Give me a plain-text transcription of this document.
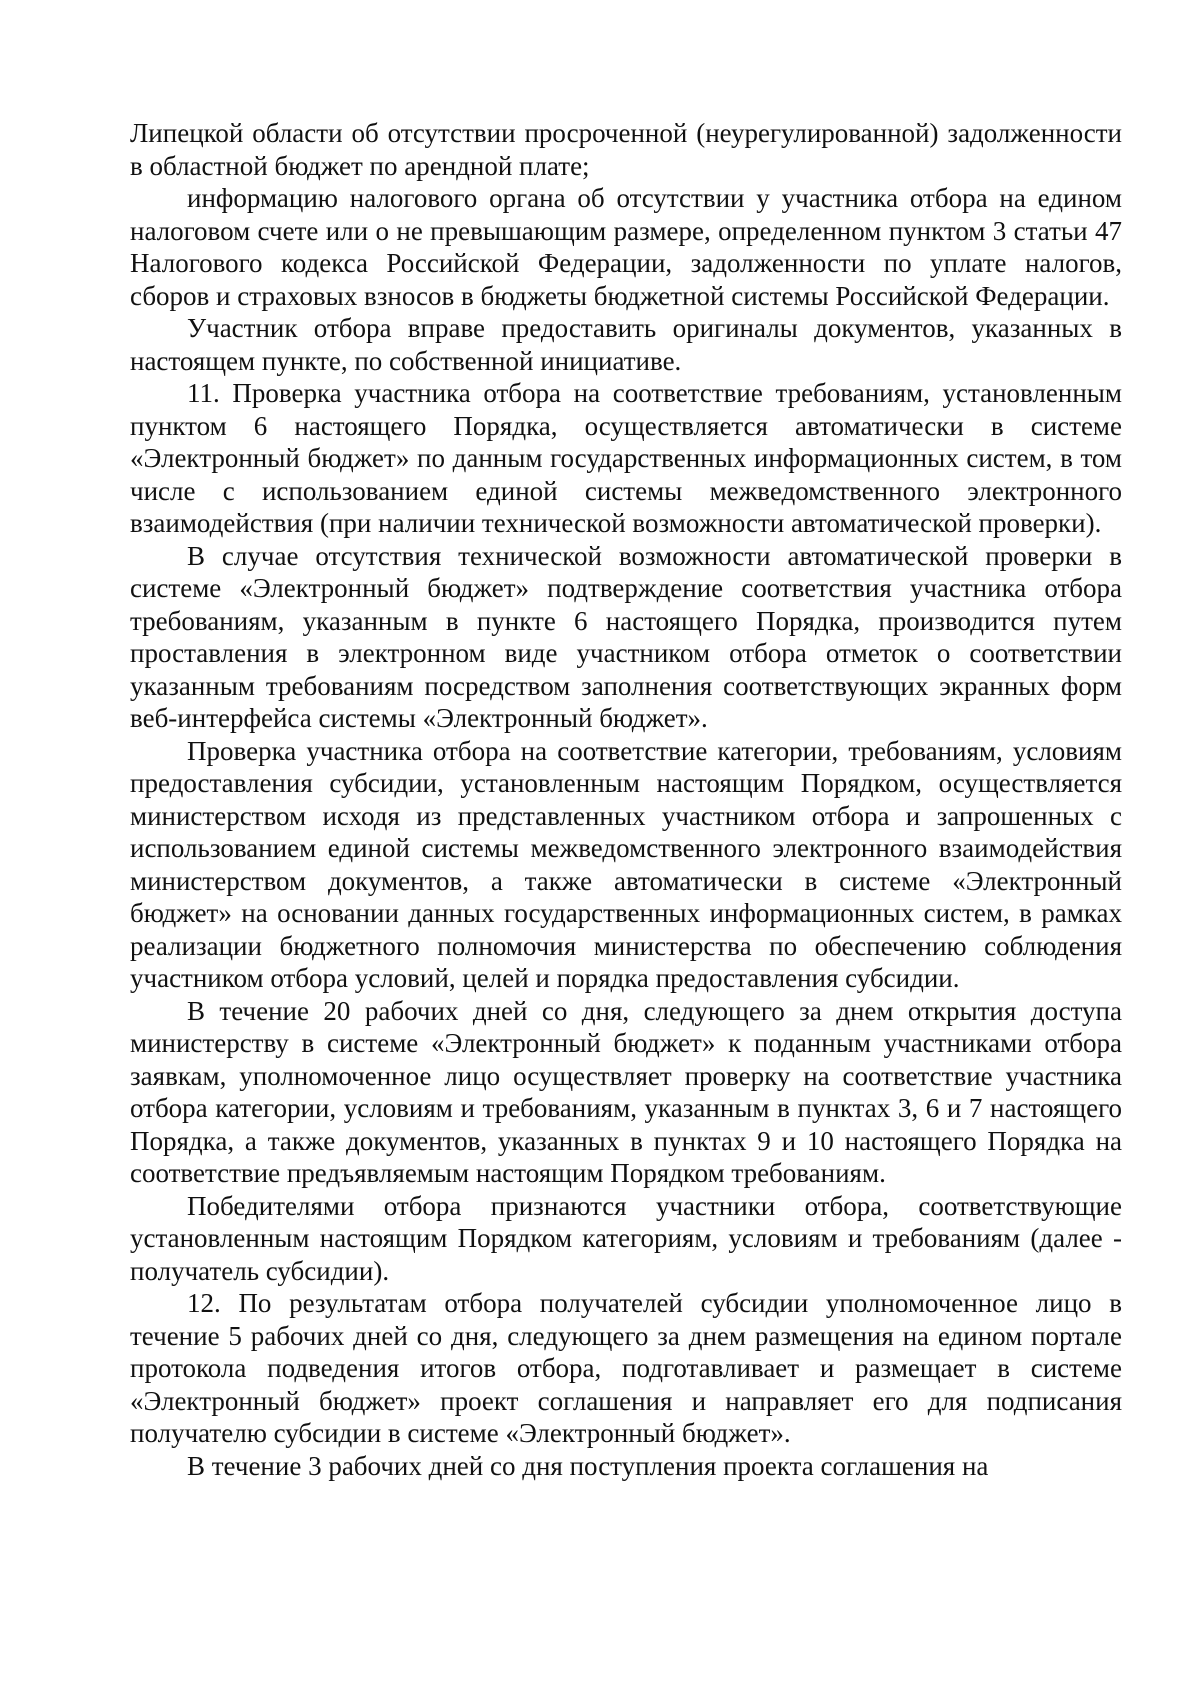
Липецкой области об отсутствии просроченной (неурегулированной) задолженности в областной бюджет по арендной плате;

информацию налогового органа об отсутствии у участника отбора на едином налоговом счете или о не превышающим размере, определенном пунктом 3 статьи 47 Налогового кодекса Российской Федерации, задолженности по уплате налогов, сборов и страховых взносов в бюджеты бюджетной системы Российской Федерации.

Участник отбора вправе предоставить оригиналы документов, указанных в настоящем пункте, по собственной инициативе.

11. Проверка участника отбора на соответствие требованиям, установленным пунктом 6 настоящего Порядка, осуществляется автоматически в системе «Электронный бюджет» по данным государственных информационных систем, в том числе с использованием единой системы межведомственного электронного взаимодействия (при наличии технической возможности автоматической проверки).

В случае отсутствия технической возможности автоматической проверки в системе «Электронный бюджет» подтверждение соответствия участника отбора требованиям, указанным в пункте 6 настоящего Порядка, производится путем проставления в электронном виде участником отбора отметок о соответствии указанным требованиям посредством заполнения соответствующих экранных форм веб-интерфейса системы «Электронный бюджет».

Проверка участника отбора на соответствие категории, требованиям, условиям предоставления субсидии, установленным настоящим Порядком, осуществляется министерством исходя из представленных участником отбора и запрошенных с использованием единой системы межведомственного электронного взаимодействия министерством документов, а также автоматически в системе «Электронный бюджет» на основании данных государственных информационных систем, в рамках реализации бюджетного полномочия министерства по обеспечению соблюдения участником отбора условий, целей и порядка предоставления субсидии.

В течение 20 рабочих дней со дня, следующего за днем открытия доступа министерству в системе «Электронный бюджет» к поданным участниками отбора заявкам, уполномоченное лицо осуществляет проверку на соответствие участника отбора категории, условиям и требованиям, указанным в пунктах 3, 6 и 7 настоящего Порядка, а также документов, указанных в пунктах 9 и 10 настоящего Порядка на соответствие предъявляемым настоящим Порядком требованиям.

Победителями отбора признаются участники отбора, соответствующие установленным настоящим Порядком категориям, условиям и требованиям (далее - получатель субсидии).

12. По результатам отбора получателей субсидии уполномоченное лицо в течение 5 рабочих дней со дня, следующего за днем размещения на едином портале протокола подведения итогов отбора, подготавливает и размещает в системе «Электронный бюджет» проект соглашения и направляет его для подписания получателю субсидии в системе «Электронный бюджет».

В течение 3 рабочих дней со дня поступления проекта соглашения на
